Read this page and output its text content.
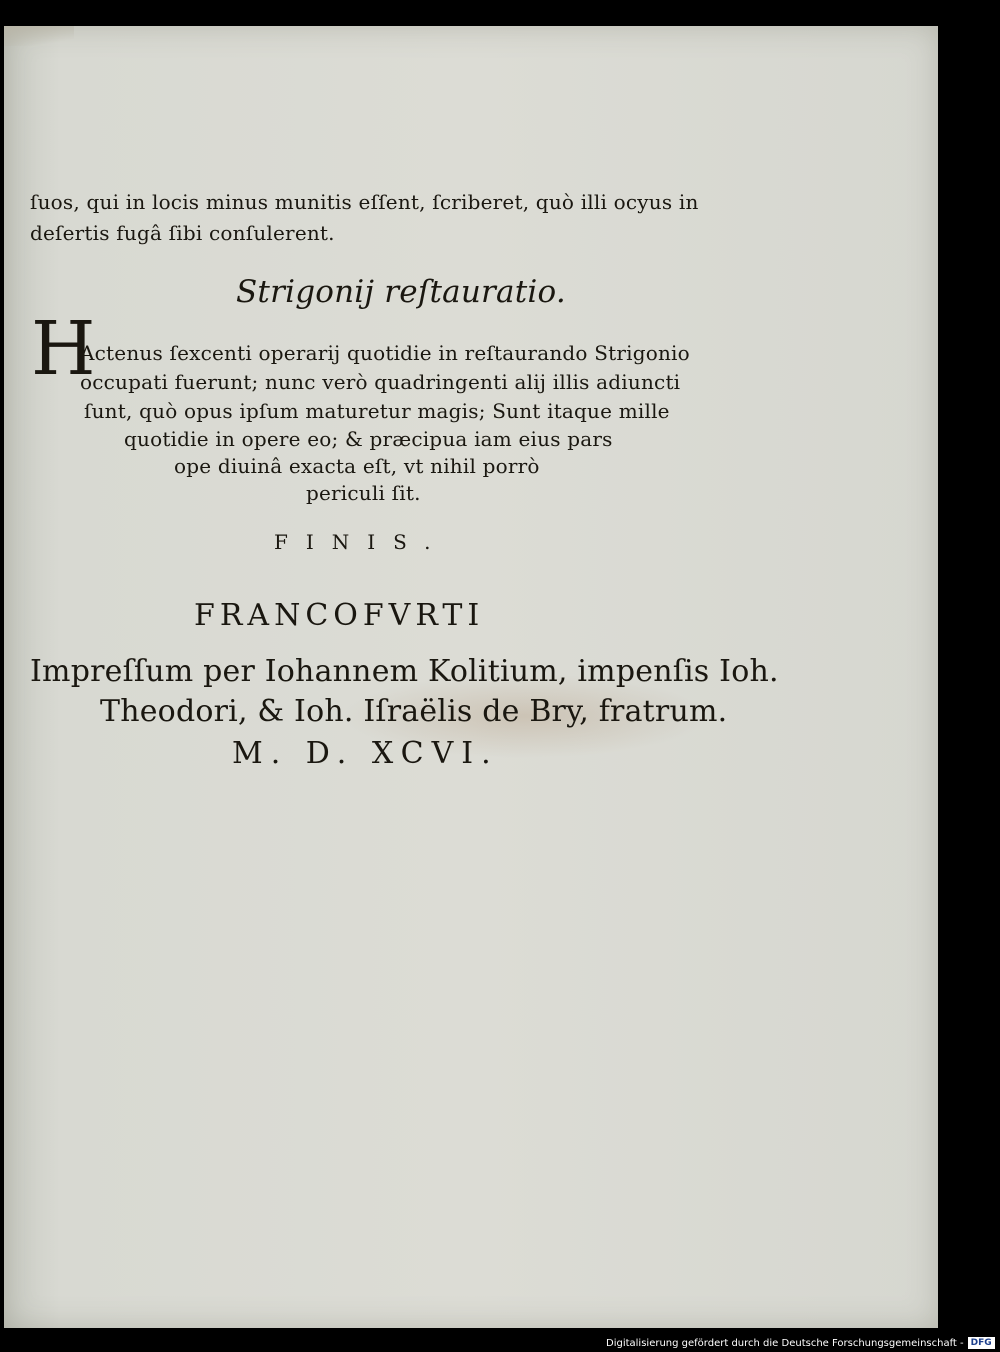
ſuos, qui in locis minus munitis eſſent, ſcriberet, quò illi ocyus in
deſertis fugâ ſibi conſulerent.
Strigonij reſtauratio.
H
Actenus ſexcenti operarij quotidie in reſtaurando Strigonio
occupati fuerunt; nunc verò quadringenti alij illis adiuncti
ſunt, quò opus ipſum maturetur magis; Sunt itaque mille
quotidie in opere eo; & præcipua iam eius pars
ope diuinâ exacta eſt, vt nihil porrò
periculi ſit.
FINIS.
FRANCOFVRTI
Impreſſum per Iohannem Kolitium, impenſis Ioh.
Theodori, & Ioh. Iſraëlis de Bry, fratrum.
M. D. XCVI.
Digitalisierung gefördert durch die Deutsche Forschungsgemeinschaft - DFG
